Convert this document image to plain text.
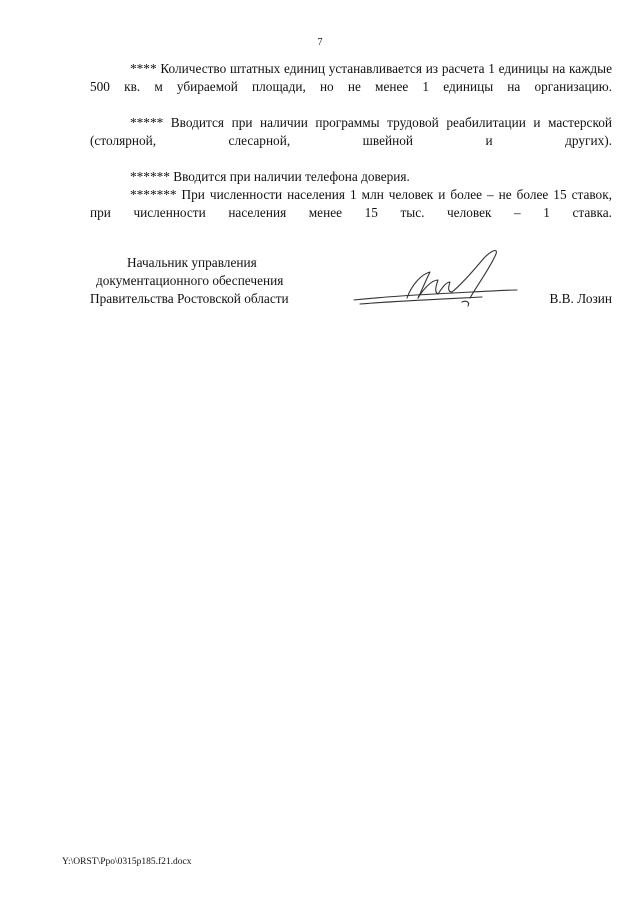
7

**** Количество штатных единиц устанавливается из расчета 1 единицы на каждые 500 кв. м убираемой площади, но не менее 1 единицы на организацию.

***** Вводится при наличии программы трудовой реабилитации и мастерской (столярной, слесарной, швейной и других).

****** Вводится при наличии телефона доверия.

******* При численности населения 1 млн человек и более – не более 15 ставок, при численности населения менее 15 тыс. человек – 1 ставка.

Начальник управления
документационного обеспечения
Правительства Ростовской области	В.В. Лозин
Y:\ORST\Ppo\0315p185.f21.docx
